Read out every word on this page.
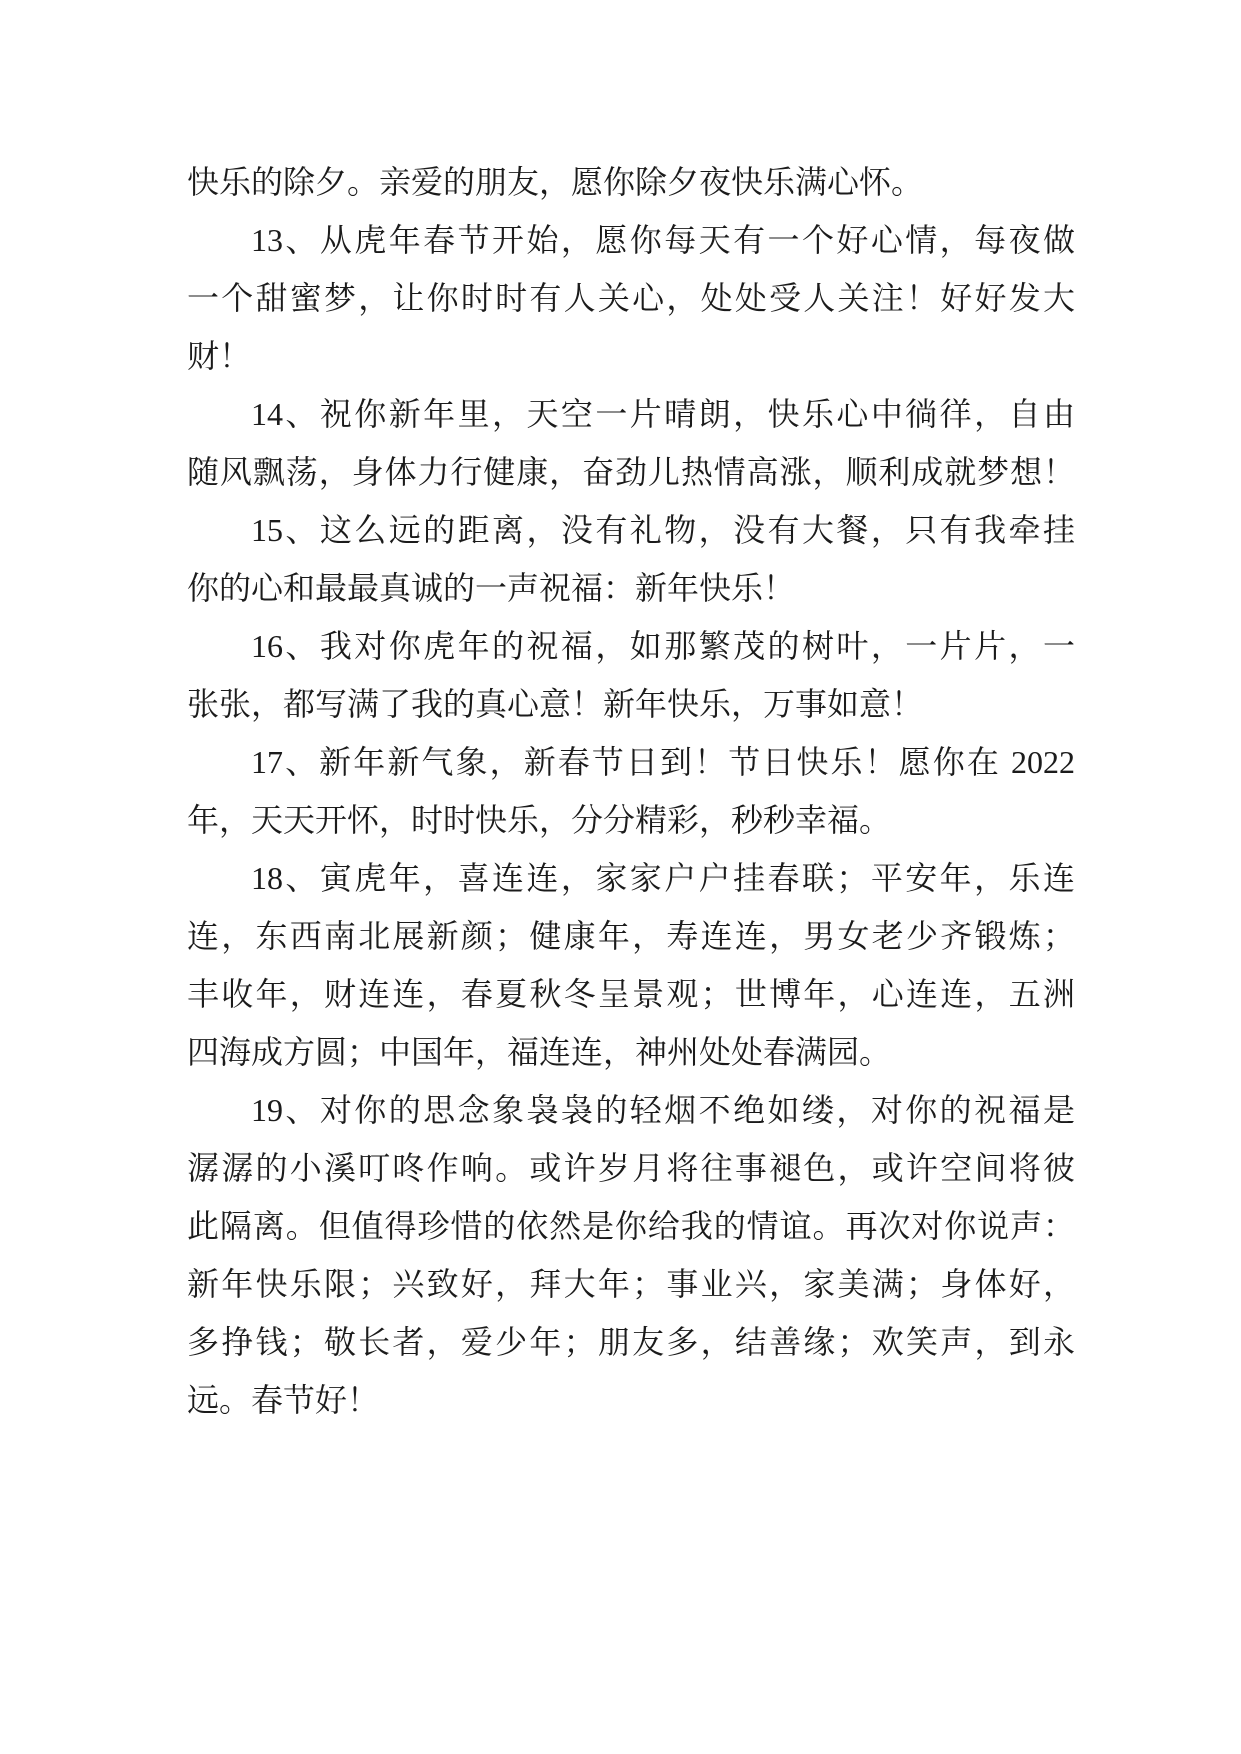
快乐的除夕。亲爱的朋友，愿你除夕夜快乐满心怀。
13、从虎年春节开始，愿你每天有一个好心情，每夜做
一个甜蜜梦，让你时时有人关心，处处受人关注！好好发大
财！
14、祝你新年里，天空一片晴朗，快乐心中徜徉，自由
随风飘荡，身体力行健康，奋劲儿热情高涨，顺利成就梦想！
15、这么远的距离，没有礼物，没有大餐，只有我牵挂
你的心和最最真诚的一声祝福：新年快乐！
16、我对你虎年的祝福，如那繁茂的树叶，一片片，一
张张，都写满了我的真心意！新年快乐，万事如意！
17、新年新气象，新春节日到！节日快乐！愿你在 2022
年，天天开怀，时时快乐，分分精彩，秒秒幸福。
18、寅虎年，喜连连，家家户户挂春联；平安年，乐连
连，东西南北展新颜；健康年，寿连连，男女老少齐锻炼；
丰收年，财连连，春夏秋冬呈景观；世博年，心连连，五洲
四海成方圆；中国年，福连连，神州处处春满园。
19、对你的思念象袅袅的轻烟不绝如缕，对你的祝福是
潺潺的小溪叮咚作响。或许岁月将往事褪色，或许空间将彼
此隔离。但值得珍惜的依然是你给我的情谊。再次对你说声：
新年快乐限；兴致好，拜大年；事业兴，家美满；身体好，
多挣钱；敬长者，爱少年；朋友多，结善缘；欢笑声，到永
远。春节好！
